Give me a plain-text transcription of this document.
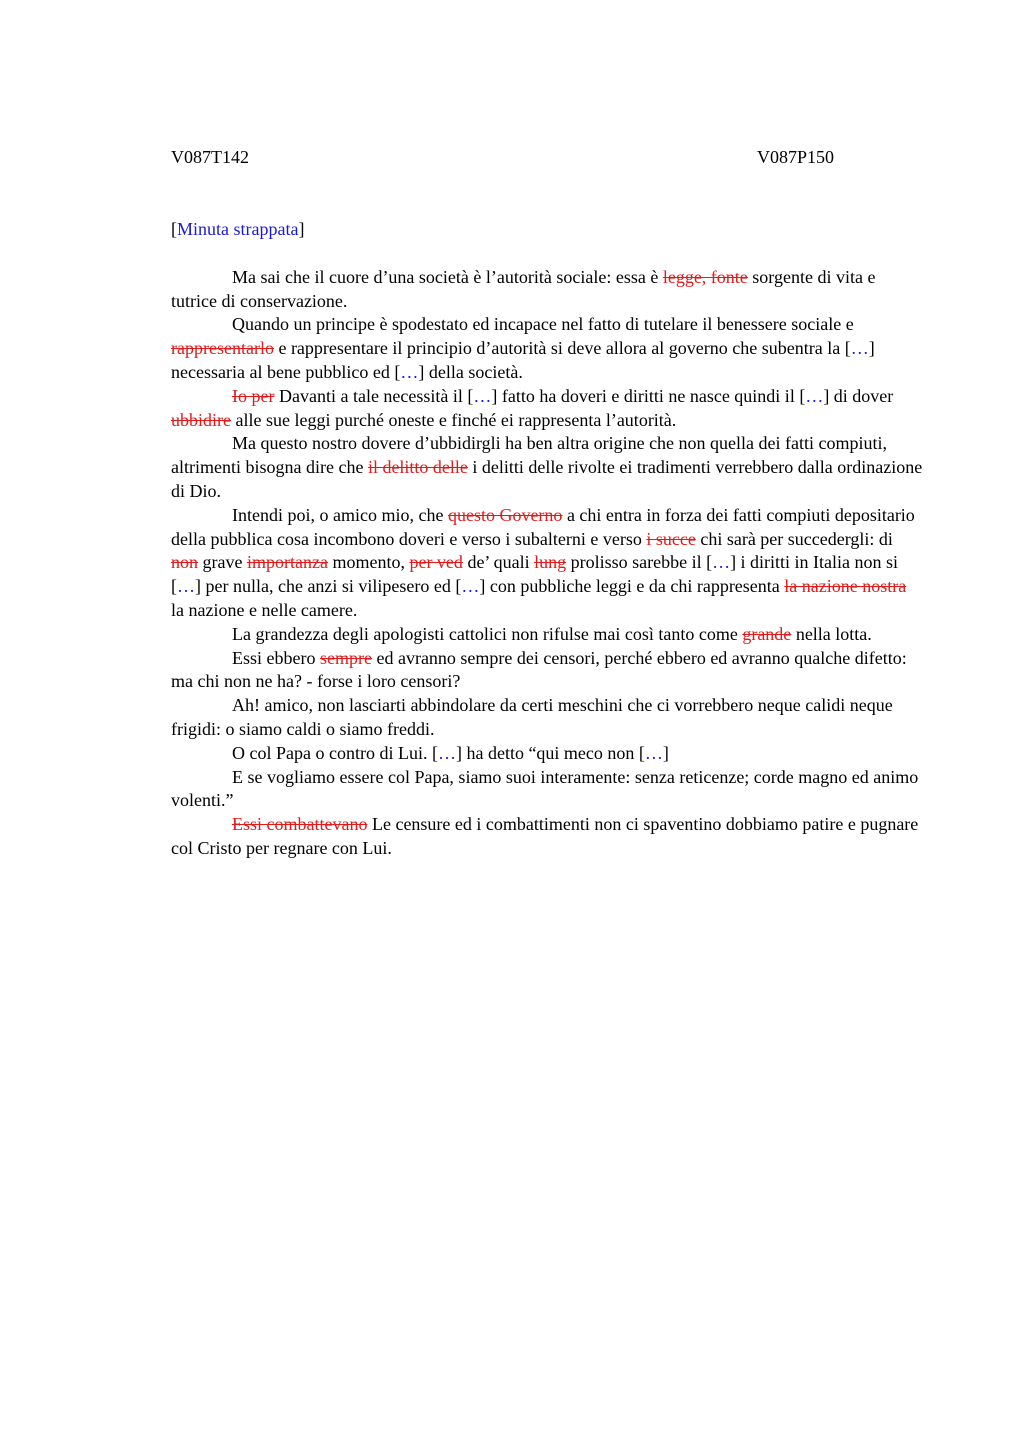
V087T142	V087P150
[Minuta strappata]

Ma sai che il cuore d’una società è l’autorità sociale: essa è legge, fonte sorgente di vita e tutrice di conservazione.

Quando un principe è spodestato ed incapace nel fatto di tutelare il benessere sociale e rappresentarlo e rappresentare il principio d’autorità si deve allora al governo che subentra la […] necessaria al bene pubblico ed […] della società.

Io per Davanti a tale necessità il […] fatto ha doveri e diritti ne nasce quindi il […] di dover ubbidire alle sue leggi purché oneste e finché ei rappresenta l’autorità.

Ma questo nostro dovere d’ubbidirgli ha ben altra origine che non quella dei fatti compiuti, altrimenti bisogna dire che il delitto delle i delitti delle rivolte ei tradimenti verrebbero dalla ordinazione di Dio.

Intendi poi, o amico mio, che questo Governo a chi entra in forza dei fatti compiuti depositario della pubblica cosa incombono doveri e verso i subalterni e verso i succe chi sarà per succedergli: di non grave importanza momento, per ved de’ quali lung prolisso sarebbe il […] i diritti in Italia non si […] per nulla, che anzi si vilipesero ed […] con pubbliche leggi e da chi rappresenta la nazione nostra la nazione e nelle camere.

La grandezza degli apologisti cattolici non rifulse mai così tanto come grande nella lotta.

Essi ebbero sempre ed avranno sempre dei censori, perché ebbero ed avranno qualche difetto: ma chi non ne ha? - forse i loro censori?

Ah! amico, non lasciarti abbindolare da certi meschini che ci vorrebbero neque calidi neque frigidi: o siamo caldi o siamo freddi.

O col Papa o contro di Lui. […] ha detto “qui meco non […]

E se vogliamo essere col Papa, siamo suoi interamente: senza reticenze; corde magno ed animo volenti.”

Essi combattevano Le censure ed i combattimenti non ci spaventino dobbiamo patire e pugnare col Cristo per regnare con Lui.
